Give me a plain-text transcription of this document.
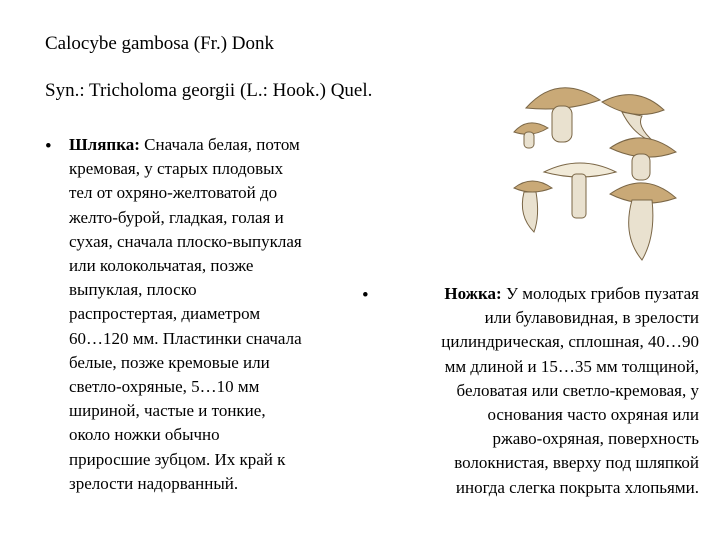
Calocybe gambosa (Fr.) Donk
Syn.: Tricholoma georgii (L.: Hook.) Quel.
• Шляпка: Сначала белая, потом
кремовая, у старых плодовых
тел от охряно-желтоватой до
желто-бурой, гладкая, голая и
сухая, сначала плоско-выпуклая
или колокольчатая, позже
выпуклая, плоско
распростертая, диаметром
60…120 мм. Пластинки сначала
белые, позже кремовые или
светло-охряные, 5…10 мм
шириной, частые и тонкие,
около ножки обычно
приросшие зубцом. Их край к
зрелости надорванный.
•	Ножка: У молодых грибов пузатая
или булавовидная, в зрелости
цилиндрическая, сплошная, 40…90
мм длиной и 15…35 мм толщиной,
беловатая или светло-кремовая, у
основания часто охряная или
ржаво-охряная, поверхность
волокнистая, вверху под шляпкой
иногда слегка покрыта хлопьями.
